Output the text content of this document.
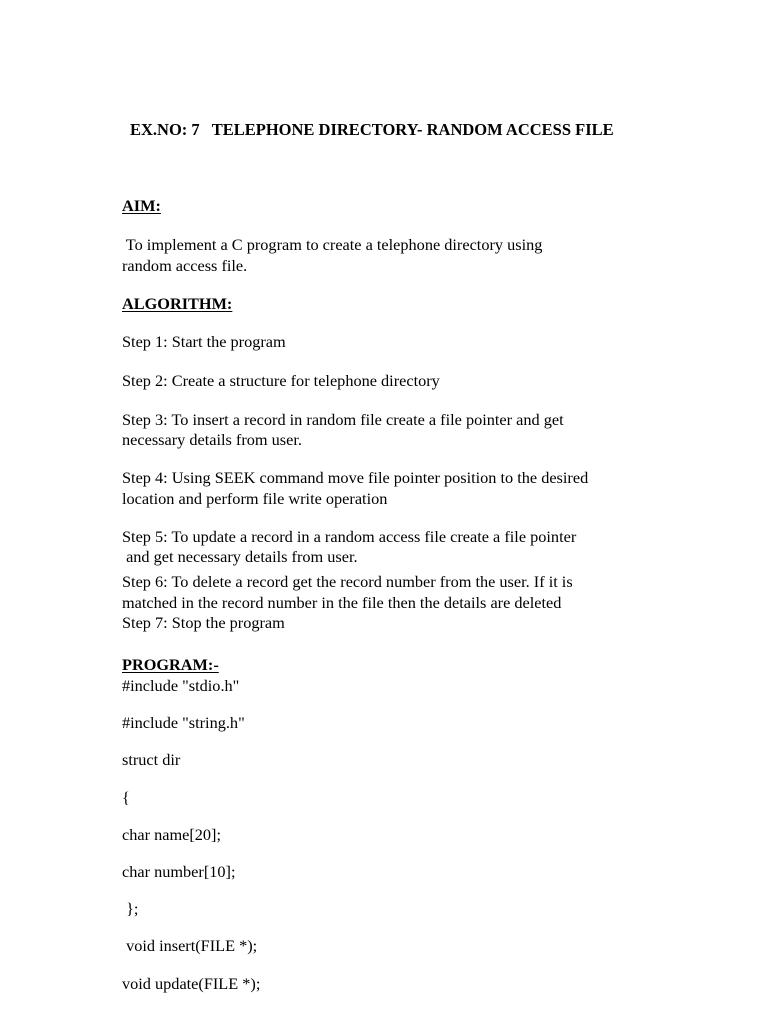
EX.NO: 7   TELEPHONE DIRECTORY- RANDOM ACCESS FILE

AIM:

To implement a C program to create a telephone directory using

random access file.

ALGORITHM:

Step 1: Start the program

Step 2: Create a structure for telephone directory

Step 3: To insert a record in random file create a file pointer and get

necessary details from user.

Step 4: Using SEEK command move file pointer position to the desired

location and perform file write operation

Step 5: To update a record in a random access file create a file pointer

and get necessary details from user.

Step 6: To delete a record get the record number from the user. If it is

matched in the record number in the file then the details are deleted

Step 7: Stop the program

PROGRAM:-

#include "stdio.h"

#include "string.h"

struct dir

{

char name[20];

char number[10];

};

void insert(FILE *);

void update(FILE *);
